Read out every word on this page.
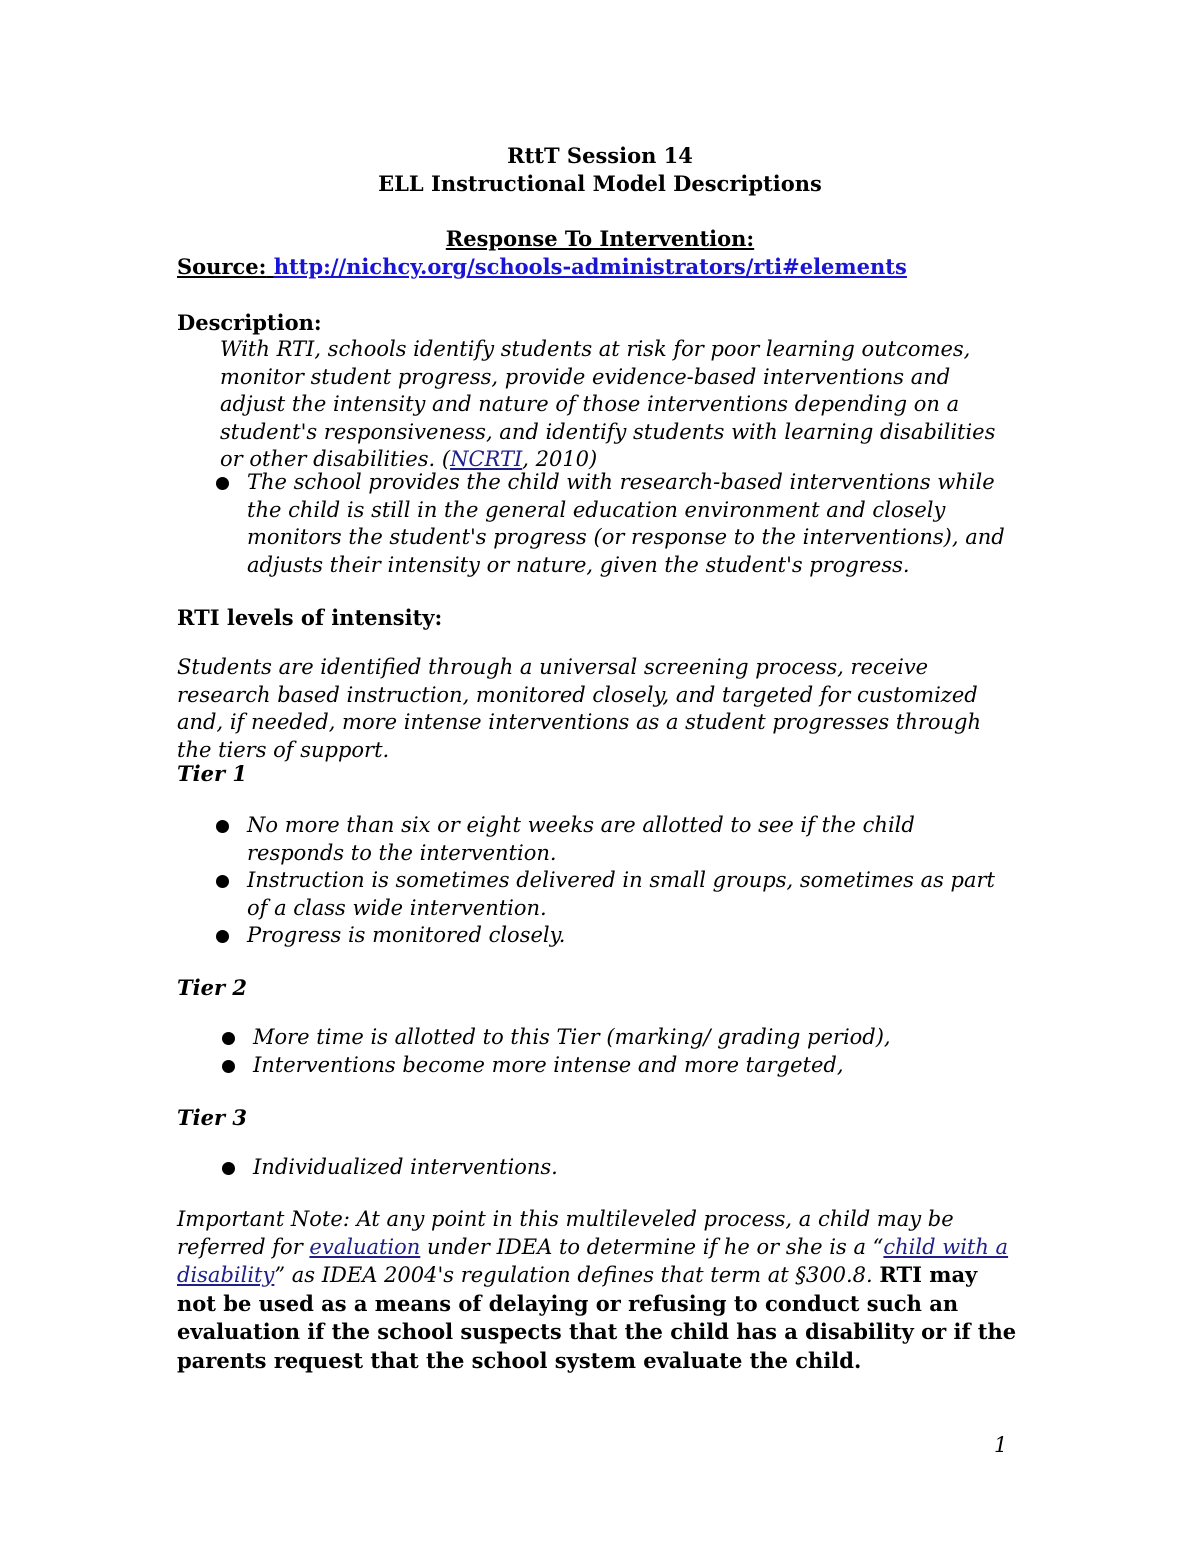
RttT Session 14
ELL Instructional Model Descriptions
Response To Intervention:
Source: http://nichcy.org/schools-administrators/rti#elements
Description:
With RTI, schools identify students at risk for poor learning outcomes, monitor student progress, provide evidence-based interventions and adjust the intensity and nature of those interventions depending on a student's responsiveness, and identify students with learning disabilities or other disabilities. (NCRTI, 2010)
The school provides the child with research-based interventions while the child is still in the general education environment and closely monitors the student's progress (or response to the interventions), and adjusts their intensity or nature, given the student's progress.
RTI levels of intensity:
Students are identified through a universal screening process, receive research based instruction, monitored closely, and targeted for customized and, if needed, more intense interventions as a student progresses through the tiers of support.
Tier 1
No more than six or eight weeks are allotted to see if the child responds to the intervention.
Instruction is sometimes delivered in small groups, sometimes as part of a class wide intervention.
Progress is monitored closely.
Tier 2
More time is allotted to this Tier (marking/ grading period),
Interventions become more intense and more targeted,
Tier 3
Individualized interventions.
Important Note: At any point in this multileveled process, a child may be referred for evaluation under IDEA to determine if he or she is a “child with a disability” as IDEA 2004's regulation defines that term at §300.8. RTI may not be used as a means of delaying or refusing to conduct such an evaluation if the school suspects that the child has a disability or if the parents request that the school system evaluate the child.
1
